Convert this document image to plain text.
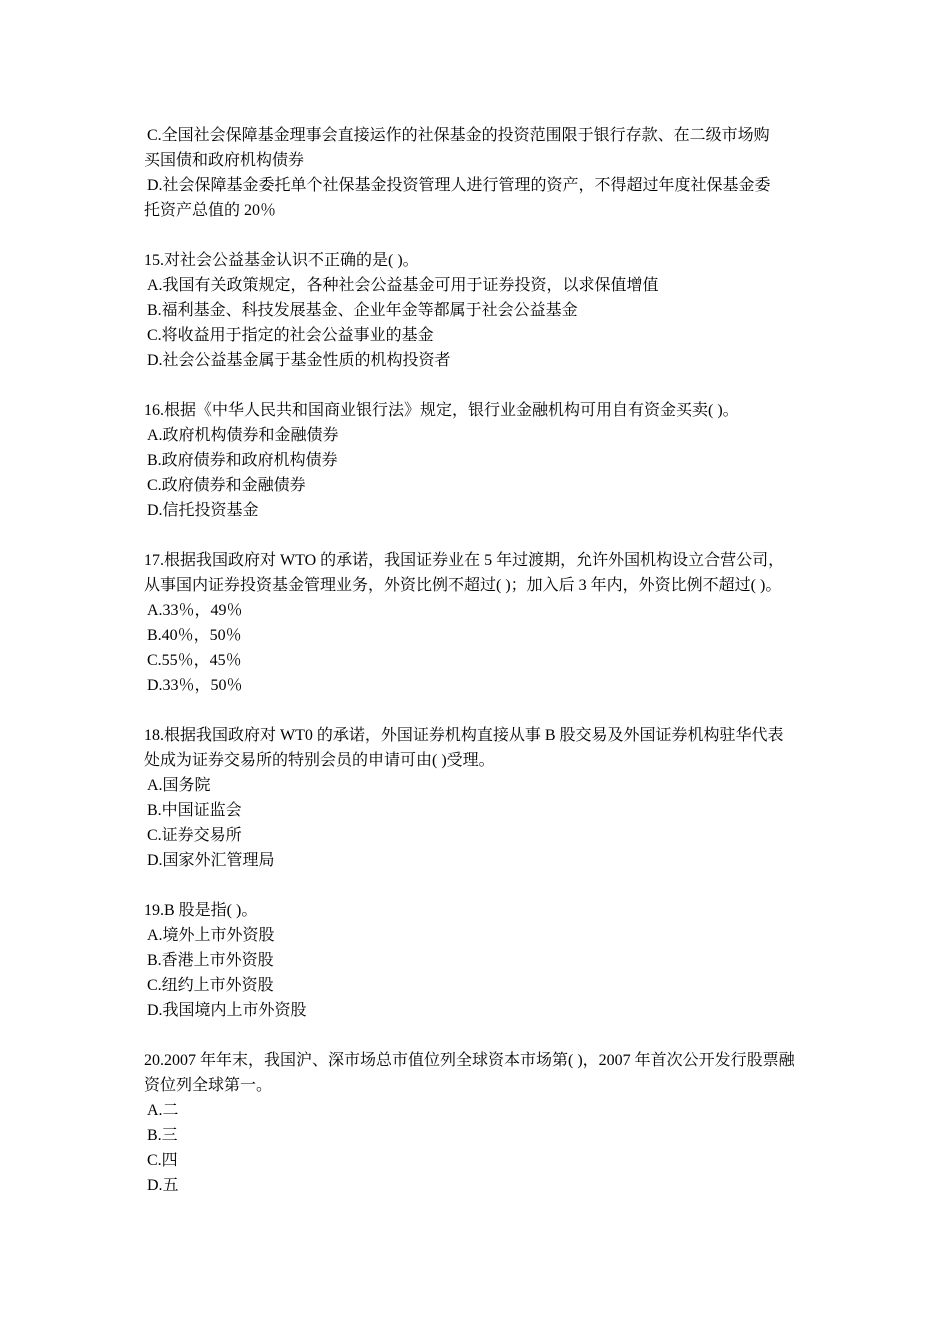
C.全国社会保障基金理事会直接运作的社保基金的投资范围限于银行存款、在二级市场购
买国债和政府机构债券
D.社会保障基金委托单个社保基金投资管理人进行管理的资产，不得超过年度社保基金委
托资产总值的 20％
15.对社会公益基金认识不正确的是( )。
A.我国有关政策规定，各种社会公益基金可用于证券投资，以求保值增值
B.福利基金、科技发展基金、企业年金等都属于社会公益基金
C.将收益用于指定的社会公益事业的基金
D.社会公益基金属于基金性质的机构投资者
16.根据《中华人民共和国商业银行法》规定，银行业金融机构可用自有资金买卖( )。
A.政府机构债券和金融债券
B.政府债券和政府机构债券
C.政府债券和金融债券
D.信托投资基金
17.根据我国政府对 WTO 的承诺，我国证券业在 5 年过渡期，允许外国机构设立合营公司，
从事国内证券投资基金管理业务，外资比例不超过( )；加入后 3 年内，外资比例不超过( )。
A.33％，49％
B.40％，50％
C.55％，45％
D.33％，50％
18.根据我国政府对 WT0 的承诺，外国证券机构直接从事 B 股交易及外国证券机构驻华代表
处成为证券交易所的特别会员的申请可由( )受理。
A.国务院
B.中国证监会
C.证券交易所
D.国家外汇管理局
19.B 股是指( )。
A.境外上市外资股
B.香港上市外资股
C.纽约上市外资股
D.我国境内上市外资股
20.2007 年年末，我国沪、深市场总市值位列全球资本市场第( )，2007 年首次公开发行股票融
资位列全球第一。
A.二
B.三
C.四
D.五
